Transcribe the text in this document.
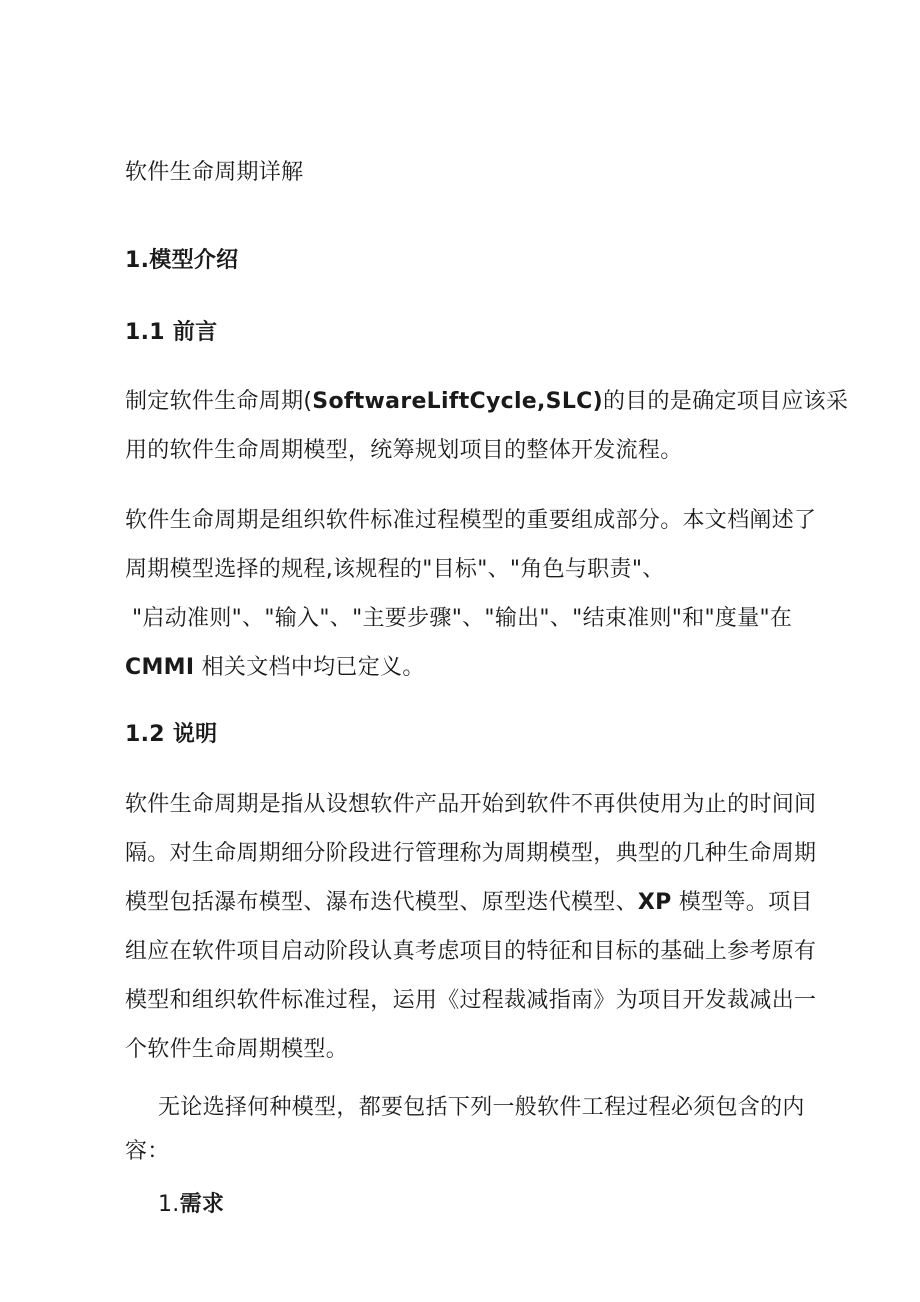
软件生命周期详解
1.模型介绍
1.1 前言
制定软件生命周期(SoftwareLiftCycle,SLC)的目的是确定项目应该采
用的软件生命周期模型，统筹规划项目的整体开发流程。
软件生命周期是组织软件标准过程模型的重要组成部分。本文档阐述了
周期模型选择的规程,该规程的"目标"、"角色与职责"、
"启动准则"、"输入"、"主要步骤"、"输出"、"结束准则"和"度量"在
CMMI 相关文档中均已定义。
1.2 说明
软件生命周期是指从设想软件产品开始到软件不再供使用为止的时间间
隔。对生命周期细分阶段进行管理称为周期模型，典型的几种生命周期
模型包括瀑布模型、瀑布迭代模型、原型迭代模型、XP 模型等。项目
组应在软件项目启动阶段认真考虑项目的特征和目标的基础上参考原有
模型和组织软件标准过程，运用《过程裁减指南》为项目开发裁减出一
个软件生命周期模型。
无论选择何种模型，都要包括下列一般软件工程过程必须包含的内
容：
1.需求
